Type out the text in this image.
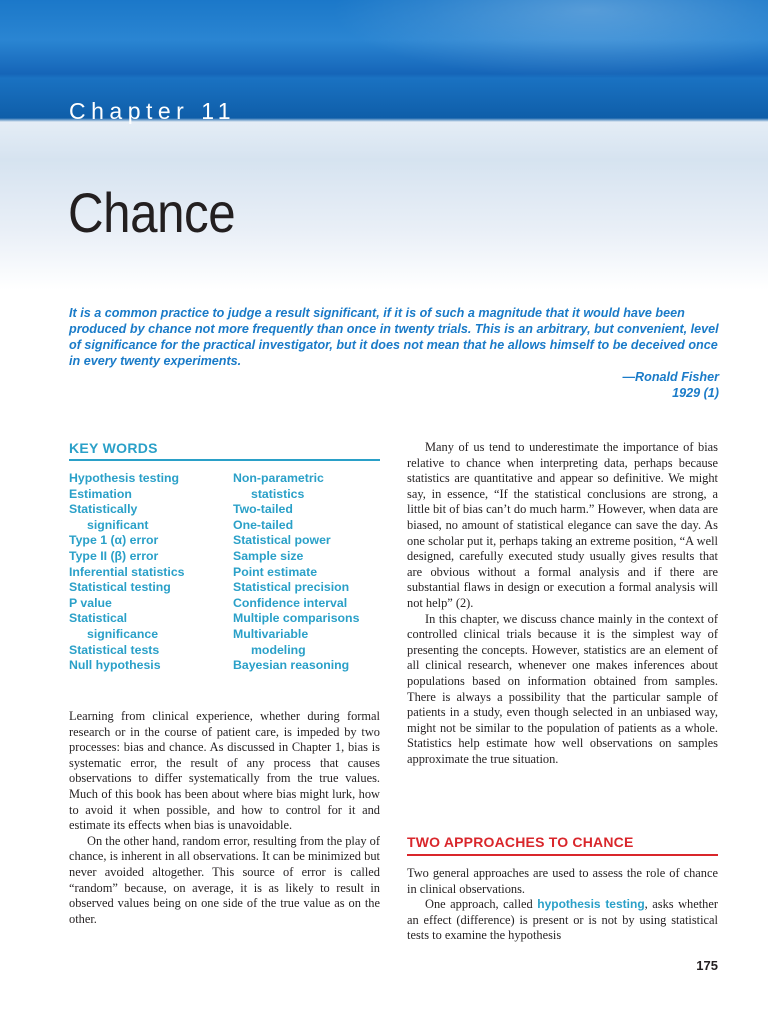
Chapter 11
Chance
It is a common practice to judge a result significant, if it is of such a magnitude that it would have been produced by chance not more frequently than once in twenty trials. This is an arbitrary, but convenient, level of significance for the practical investigator, but it does not mean that he allows himself to be deceived once in every twenty experiments.
—Ronald Fisher
1929 (1)
KEY WORDS
Hypothesis testing
Estimation
Statistically
significant
Type 1 (α) error
Type II (β) error
Inferential statistics
Statistical testing
P value
Statistical
significance
Statistical tests
Null hypothesis
Non-parametric
statistics
Two-tailed
One-tailed
Statistical power
Sample size
Point estimate
Statistical precision
Confidence interval
Multiple comparisons
Multivariable
modeling
Bayesian reasoning

Learning from clinical experience, whether during formal research or in the course of patient care, is impeded by two processes: bias and chance. As discussed in Chapter 1, bias is systematic error, the result of any process that causes observations to differ systematically from the true values. Much of this book has been about where bias might lurk, how to avoid it when possible, and how to control for it and estimate its effects when bias is unavoidable.

On the other hand, random error, resulting from the play of chance, is inherent in all observations. It can be minimized but never avoided altogether. This source of error is called “random” because, on average, it is as likely to result in observed values being on one side of the true value as on the other.

Many of us tend to underestimate the importance of bias relative to chance when interpreting data, perhaps because statistics are quantitative and appear so definitive. We might say, in essence, “If the statistical conclusions are strong, a little bit of bias can’t do much harm.” However, when data are biased, no amount of statistical elegance can save the day. As one scholar put it, perhaps taking an extreme position, “A well designed, carefully executed study usually gives results that are obvious without a formal analysis and if there are substantial flaws in design or execution a formal analysis will not help” (2).

In this chapter, we discuss chance mainly in the context of controlled clinical trials because it is the simplest way of presenting the concepts. However, statistics are an element of all clinical research, whenever one makes inferences about populations based on information obtained from samples. There is always a possibility that the particular sample of patients in a study, even though selected in an unbiased way, might not be similar to the population of patients as a whole. Statistics help estimate how well observations on samples approximate the true situation.

TWO APPROACHES TO CHANCE

Two general approaches are used to assess the role of chance in clinical observations.

One approach, called hypothesis testing, asks whether an effect (difference) is present or is not by using statistical tests to examine the hypothesis

175
